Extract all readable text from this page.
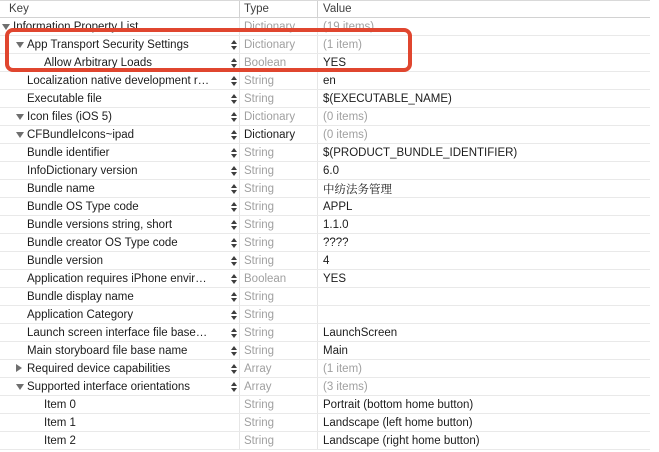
Key	Type	Value
Information Property List	Dictionary (19 items)
App Transport Security Settings	Dictionary (1 item)
Allow Arbitrary Loads	Boolean	YES
Localization native development r…	String	en
Executable file	String	$(EXECUTABLE_NAME)
Icon files (iOS 5)	Dictionary (0 items)
CFBundleIcons~ipad	Dictionary (0 items)
Bundle identifier	String	$(PRODUCT_BUNDLE_IDENTIFIER)
InfoDictionary version	String	6.0
Bundle name	String	中纺法务管理
Bundle OS Type code	String	APPL
Bundle versions string, short	String	1.1.0
Bundle creator OS Type code	String	????
Bundle version	String	4
Application requires iPhone envir…	Boolean	YES
Bundle display name	String
Application Category	String
Launch screen interface file base…	String	LaunchScreen
Main storyboard file base name	String	Main
Required device capabilities	Array	(1 item)
Supported interface orientations	Array	(3 items)
Item 0	String	Portrait (bottom home button)
Item 1	String	Landscape (left home button)
Item 2	String	Landscape (right home button)
